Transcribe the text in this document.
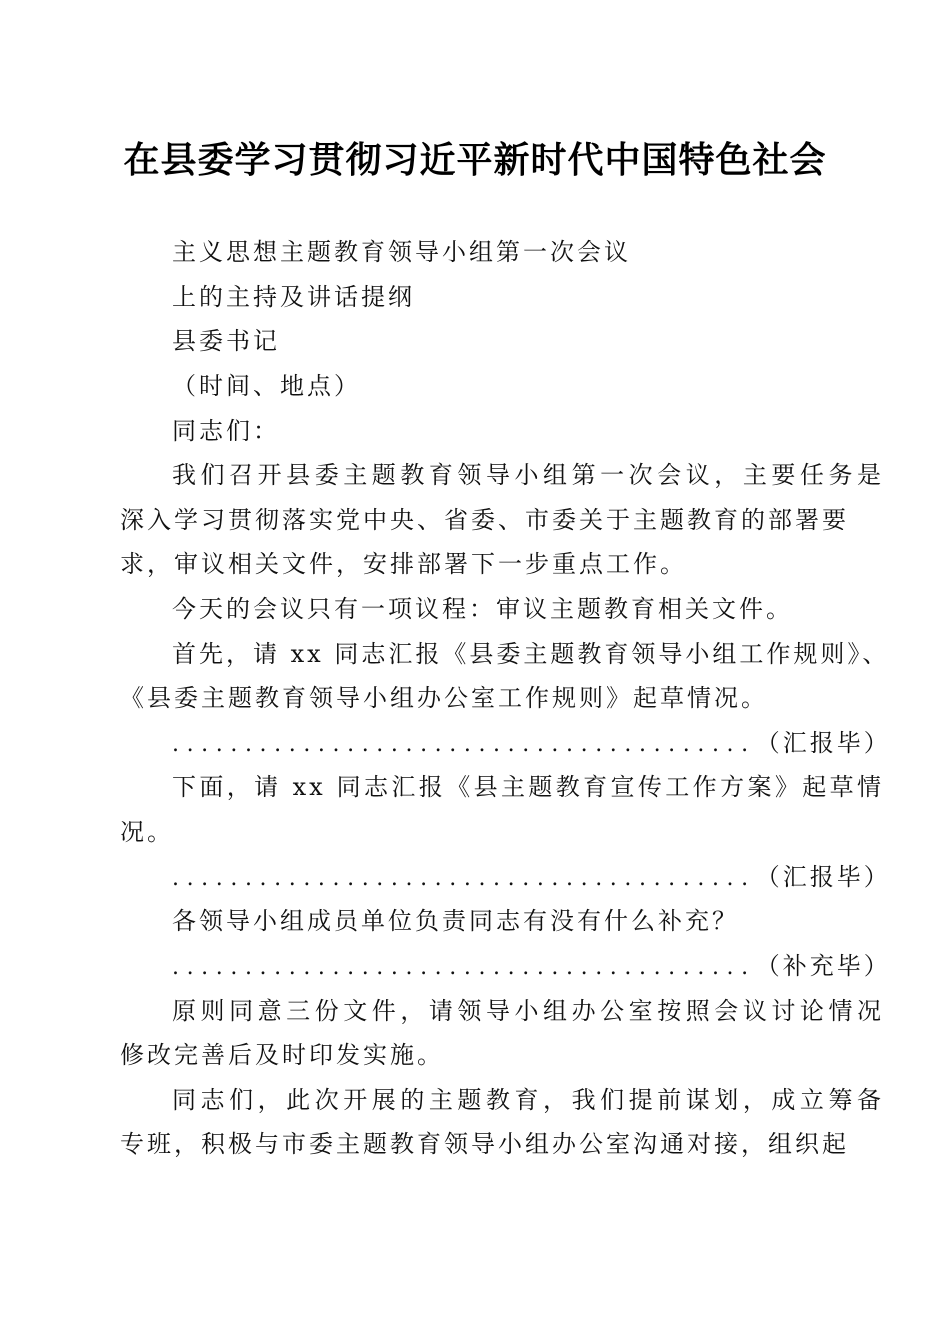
在县委学习贯彻习近平新时代中国特色社会
主义思想主题教育领导小组第一次会议
上的主持及讲话提纲
县委书记
（时间、地点）
同志们：
我们召开县委主题教育领导小组第一次会议，主要任务是
深入学习贯彻落实党中央、省委、市委关于主题教育的部署要
求，审议相关文件，安排部署下一步重点工作。
今天的会议只有一项议程：审议主题教育相关文件。
首先，请 xx 同志汇报《县委主题教育领导小组工作规则》、
《县委主题教育领导小组办公室工作规则》起草情况。
........................................ （汇报毕）
下面，请 xx 同志汇报《县主题教育宣传工作方案》起草情
况。
........................................ （汇报毕）
各领导小组成员单位负责同志有没有什么补充？
........................................ （补充毕）
原则同意三份文件，请领导小组办公室按照会议讨论情况
修改完善后及时印发实施。
同志们，此次开展的主题教育，我们提前谋划，成立筹备
专班，积极与市委主题教育领导小组办公室沟通对接，组织起
